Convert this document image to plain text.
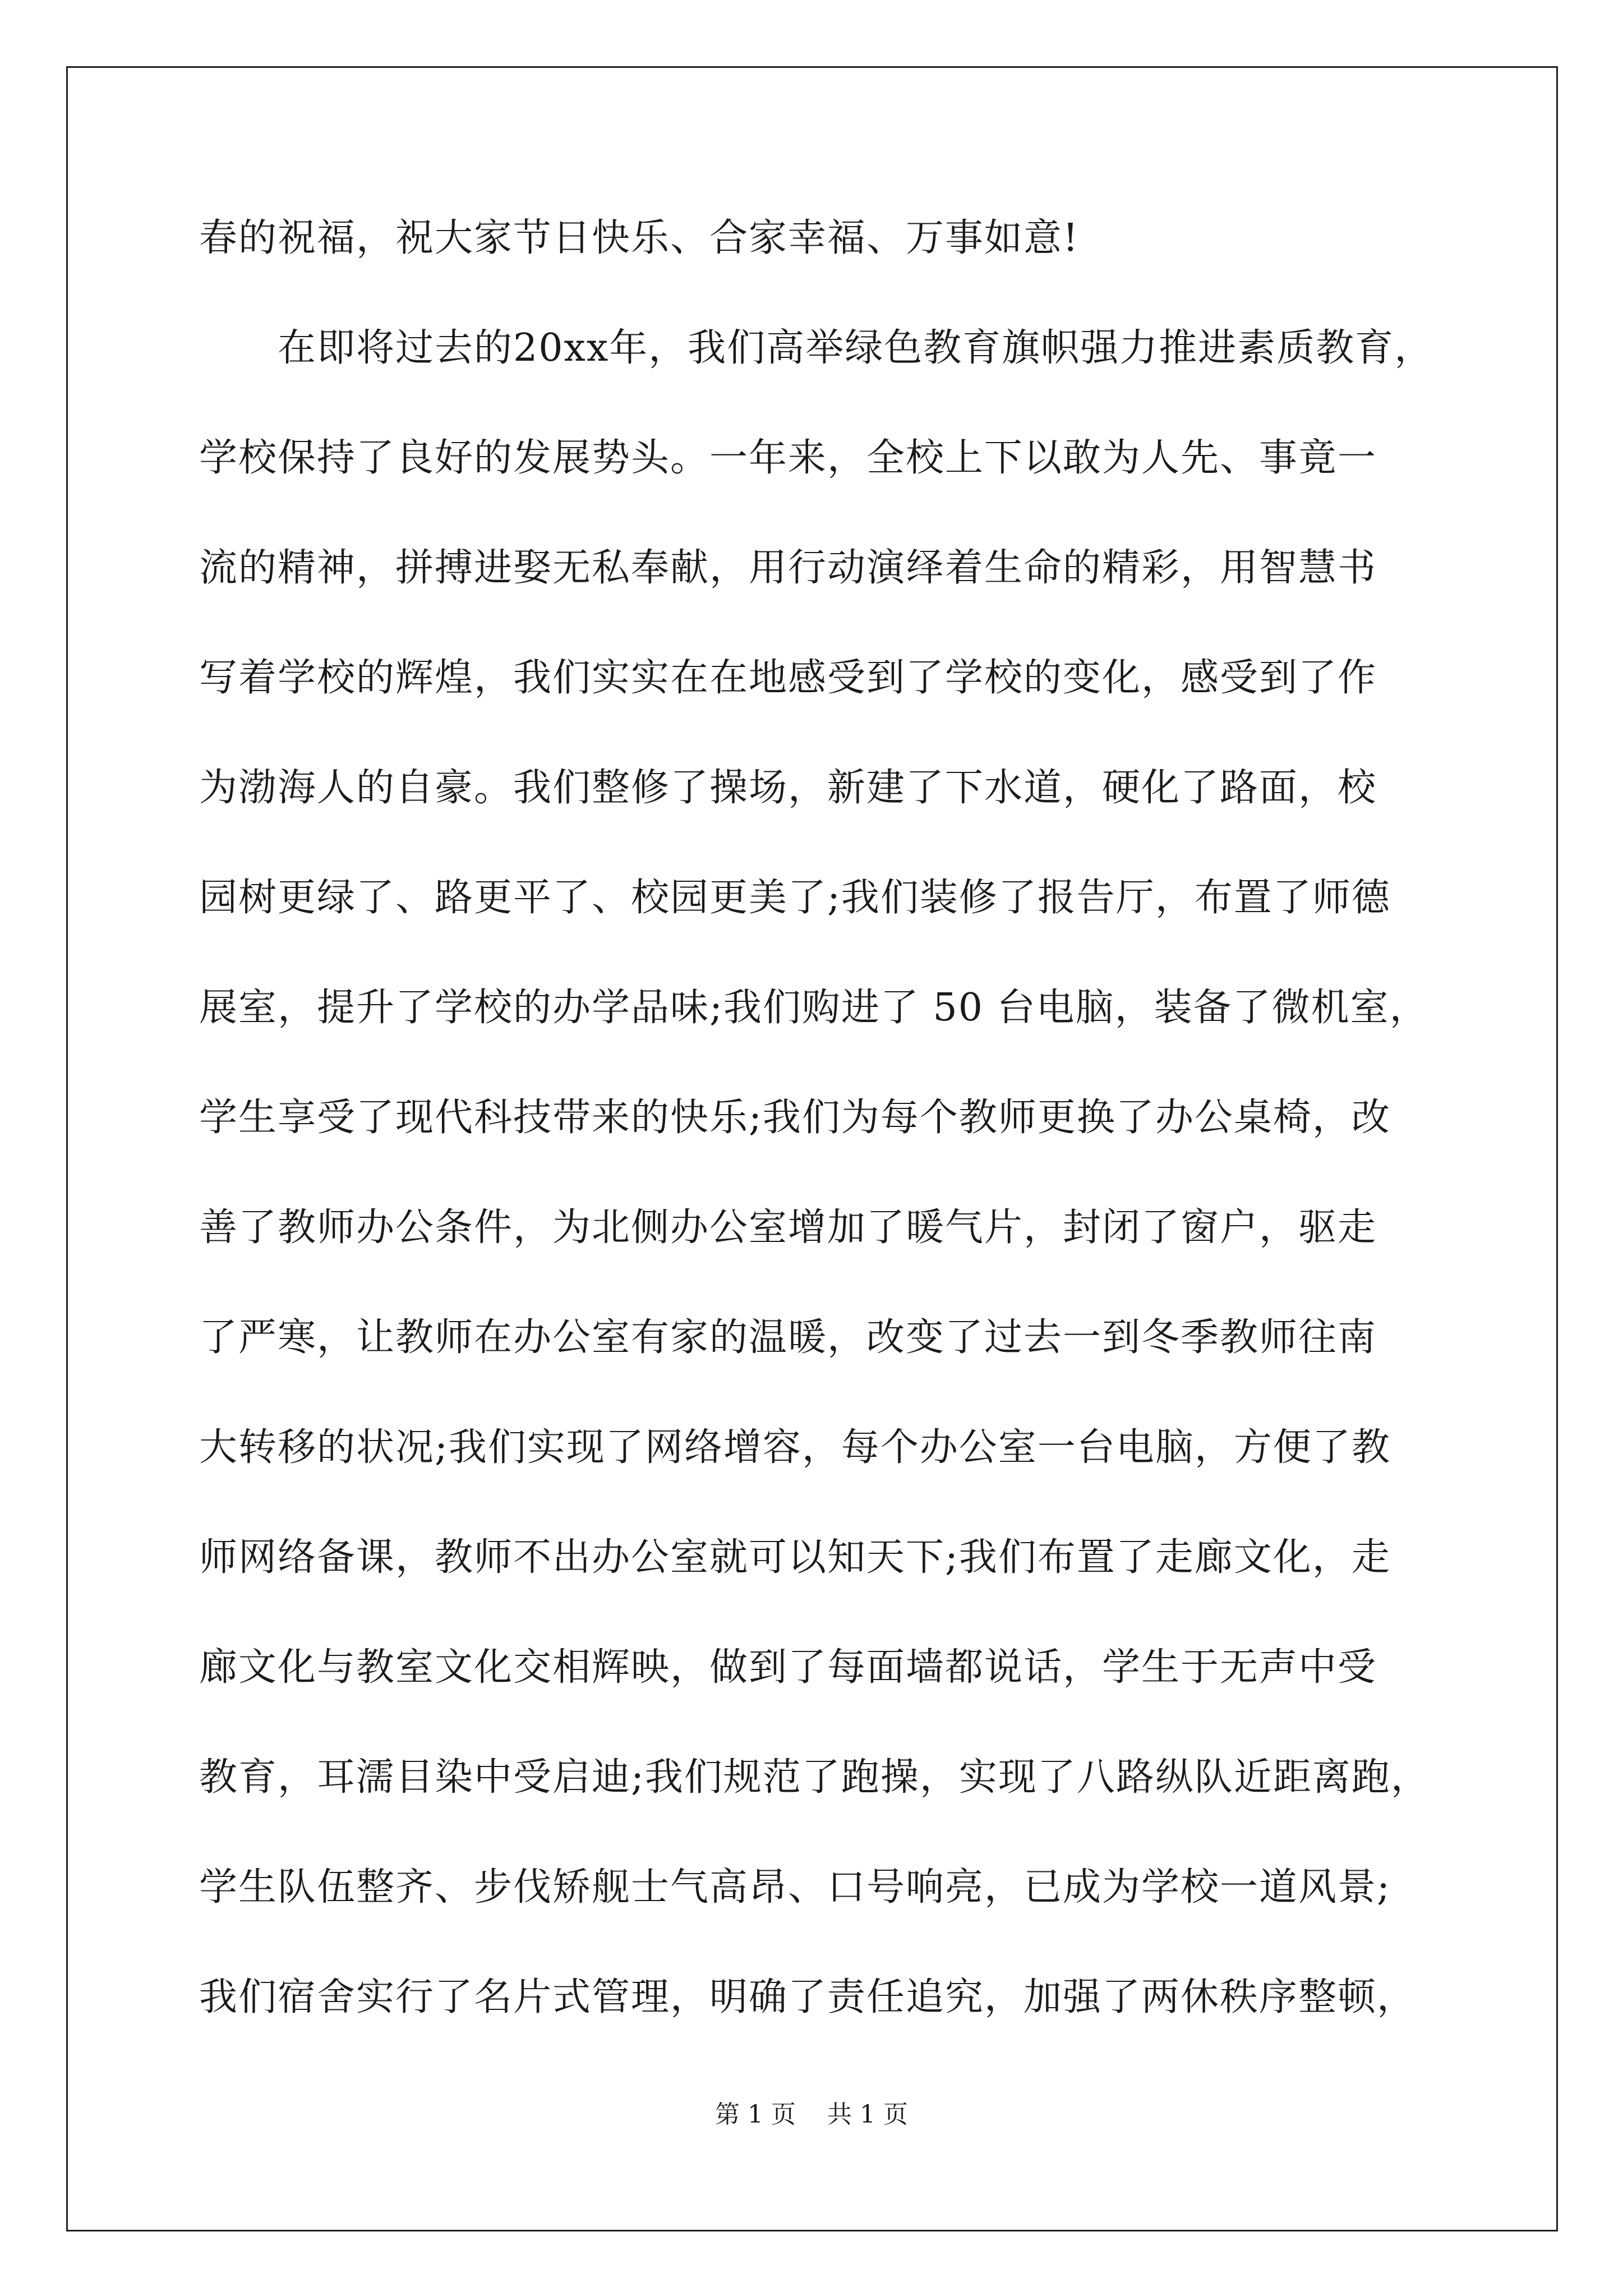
春的祝福，祝大家节日快乐、合家幸福、万事如意!
　　在即将过去的20xx年，我们高举绿色教育旗帜强力推进素质教育，
学校保持了良好的发展势头。一年来，全校上下以敢为人先、事竟一
流的精神，拼搏进娶无私奉献，用行动演绎着生命的精彩，用智慧书
写着学校的辉煌，我们实实在在地感受到了学校的变化，感受到了作
为渤海人的自豪。我们整修了操场，新建了下水道，硬化了路面，校
园树更绿了、路更平了、校园更美了;我们装修了报告厅，布置了师德
展室，提升了学校的办学品味;我们购进了 50 台电脑，装备了微机室，
学生享受了现代科技带来的快乐;我们为每个教师更换了办公桌椅，改
善了教师办公条件，为北侧办公室增加了暖气片，封闭了窗户，驱走
了严寒，让教师在办公室有家的温暖，改变了过去一到冬季教师往南
大转移的状况;我们实现了网络增容，每个办公室一台电脑，方便了教
师网络备课，教师不出办公室就可以知天下;我们布置了走廊文化，走
廊文化与教室文化交相辉映，做到了每面墙都说话，学生于无声中受
教育，耳濡目染中受启迪;我们规范了跑操，实现了八路纵队近距离跑，
学生队伍整齐、步伐矫舰士气高昂、口号响亮，已成为学校一道风景;
我们宿舍实行了名片式管理，明确了责任追究，加强了两休秩序整顿，
第 1 页 共 1 页
